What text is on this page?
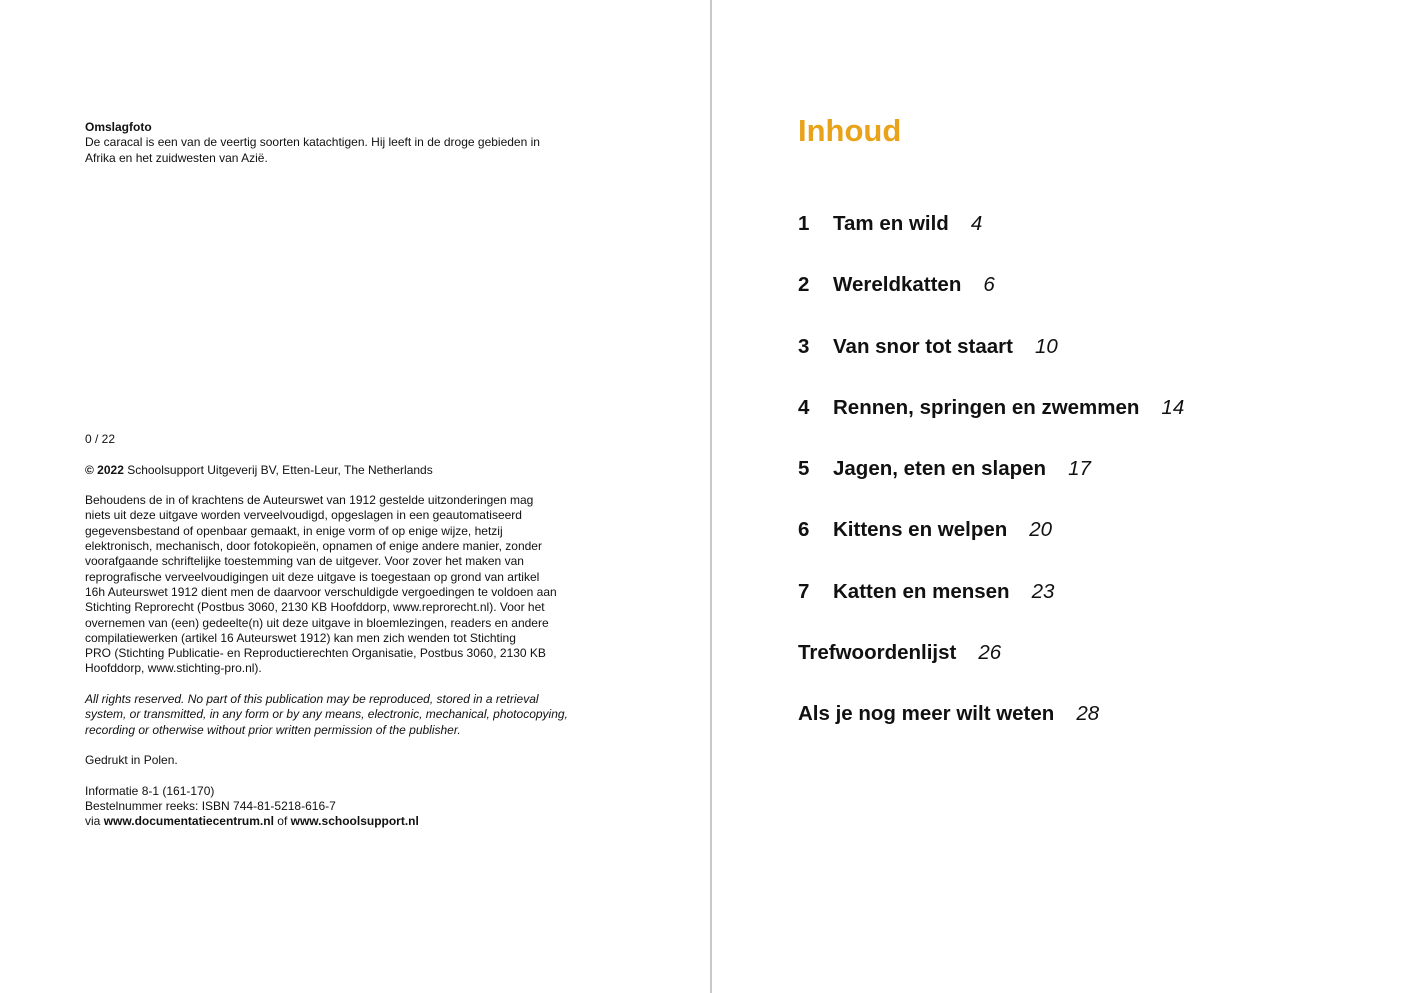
Omslagfoto
De caracal is een van de veertig soorten katachtigen. Hij leeft in de droge gebieden in
Afrika en het zuidwesten van Azië.

0 / 22

© 2022 Schoolsupport Uitgeverij BV, Etten-Leur, The Netherlands

Behoudens de in of krachtens de Auteurswet van 1912 gestelde uitzonderingen mag
niets uit deze uitgave worden verveelvoudigd, opgeslagen in een geautomatiseerd
gegevensbestand of openbaar gemaakt, in enige vorm of op enige wijze, hetzij
elektronisch, mechanisch, door fotokopieën, opnamen of enige andere manier, zonder
voorafgaande schriftelijke toestemming van de uitgever. Voor zover het maken van
reprografische verveelvoudigingen uit deze uitgave is toegestaan op grond van artikel
16h Auteurswet 1912 dient men de daarvoor verschuldigde vergoedingen te voldoen aan
Stichting Reprorecht (Postbus 3060, 2130 KB Hoofddorp, www.reprorecht.nl). Voor het
overnemen van (een) gedeelte(n) uit deze uitgave in bloemlezingen, readers en andere
compilatiewerken (artikel 16 Auteurswet 1912) kan men zich wenden tot Stichting
PRO (Stichting Publicatie- en Reproductierechten Organisatie, Postbus 3060, 2130 KB
Hoofddorp, www.stichting-pro.nl).

All rights reserved. No part of this publication may be reproduced, stored in a retrieval
system, or transmitted, in any form or by any means, electronic, mechanical, photocopying,
recording or otherwise without prior written permission of the publisher.

Gedrukt in Polen.

Informatie 8-1 (161-170)
Bestelnummer reeks: ISBN 744-81-5218-616-7
via www.documentatiecentrum.nl of www.schoolsupport.nl

Inhoud
1	Tam en wild 4
2	Wereldkatten 6
3	Van snor tot staart 10
4	Rennen, springen en zwemmen 14
5	Jagen, eten en slapen 17
6	Kittens en welpen 20
7	Katten en mensen 23
Trefwoordenlijst 26
Als je nog meer wilt weten 28
